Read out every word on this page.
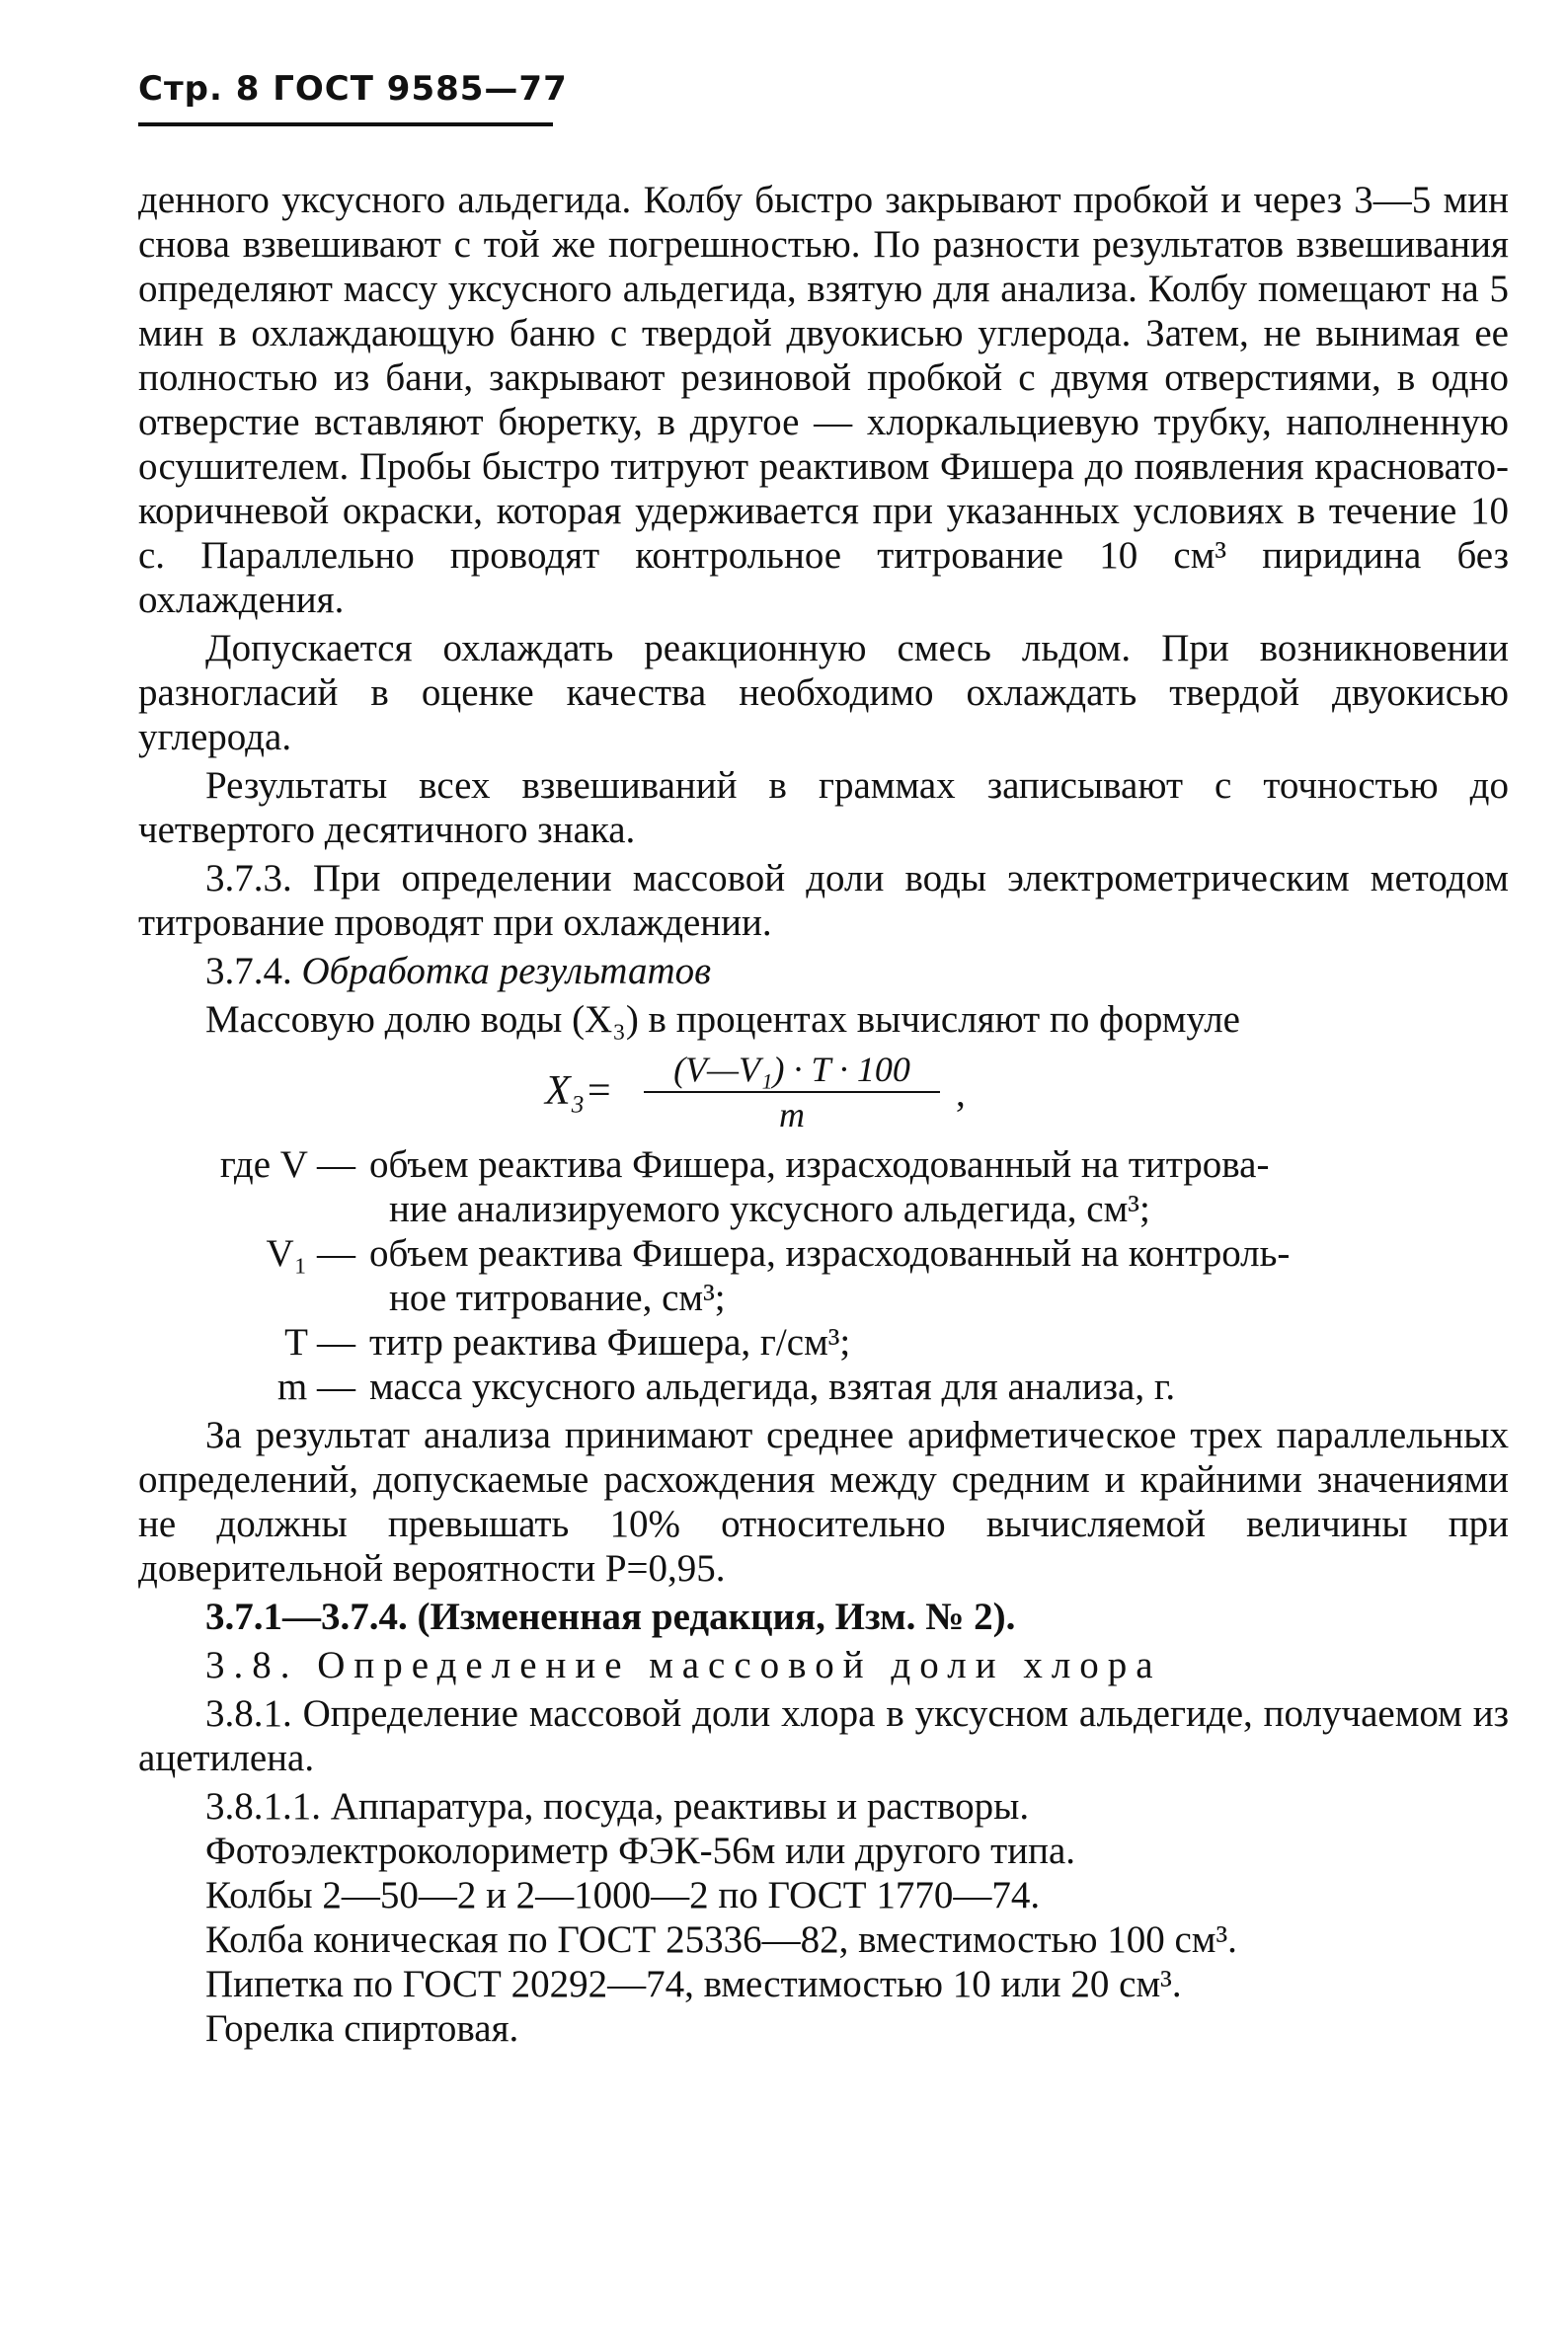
Стр. 8 ГОСТ 9585—77

денного уксусного альдегида. Колбу быстро закрывают пробкой и через 3—5 мин снова взвешивают с той же погрешностью. По разности результатов взвешивания определяют массу уксусного альдегида, взятую для анализа. Колбу помещают на 5 мин в охлаждающую баню с твердой двуокисью углерода. Затем, не вынимая ее полностью из бани, закрывают резиновой пробкой с двумя отверстиями, в одно отверстие вставляют бюретку, в другое — хлоркальциевую трубку, наполненную осушителем. Пробы быстро титруют реактивом Фишера до появления красновато-коричневой окраски, которая удерживается при указанных условиях в течение 10 с. Параллельно проводят контрольное титрование 10 см³ пиридина без охлаждения.

Допускается охлаждать реакционную смесь льдом. При возникновении разногласий в оценке качества необходимо охлаждать твердой двуокисью углерода.

Результаты всех взвешиваний в граммах записывают с точностью до четвертого десятичного знака.

3.7.3. При определении массовой доли воды электрометрическим методом титрование проводят при охлаждении.

3.7.4. Обработка результатов

Массовую долю воды (X₃) в процентах вычисляют по формуле

X₃=	(V—V₁) · T · 100
m	,
где V — объем реактива Фишера, израсходованный на титрова-
ние анализируемого уксусного альдегида, см³;
V₁ — объем реактива Фишера, израсходованный на контроль-
ное титрование, см³;
T — титр реактива Фишера, г/см³;
m — масса уксусного альдегида, взятая для анализа, г.

За результат анализа принимают среднее арифметическое трех параллельных определений, допускаемые расхождения между средним и крайними значениями не должны превышать 10% относительно вычисляемой величины при доверительной вероятности P=0,95.

3.7.1—3.7.4. (Измененная редакция, Изм. № 2).

3.8. Определение массовой доли хлора

3.8.1. Определение массовой доли хлора в уксусном альдегиде, получаемом из ацетилена.

3.8.1.1. Аппаратура, посуда, реактивы и растворы.

Фотоэлектроколориметр ФЭК-56м или другого типа.

Колбы 2—50—2 и 2—1000—2 по ГОСТ 1770—74.

Колба коническая по ГОСТ 25336—82, вместимостью 100 см³.

Пипетка по ГОСТ 20292—74, вместимостью 10 или 20 см³.

Горелка спиртовая.
